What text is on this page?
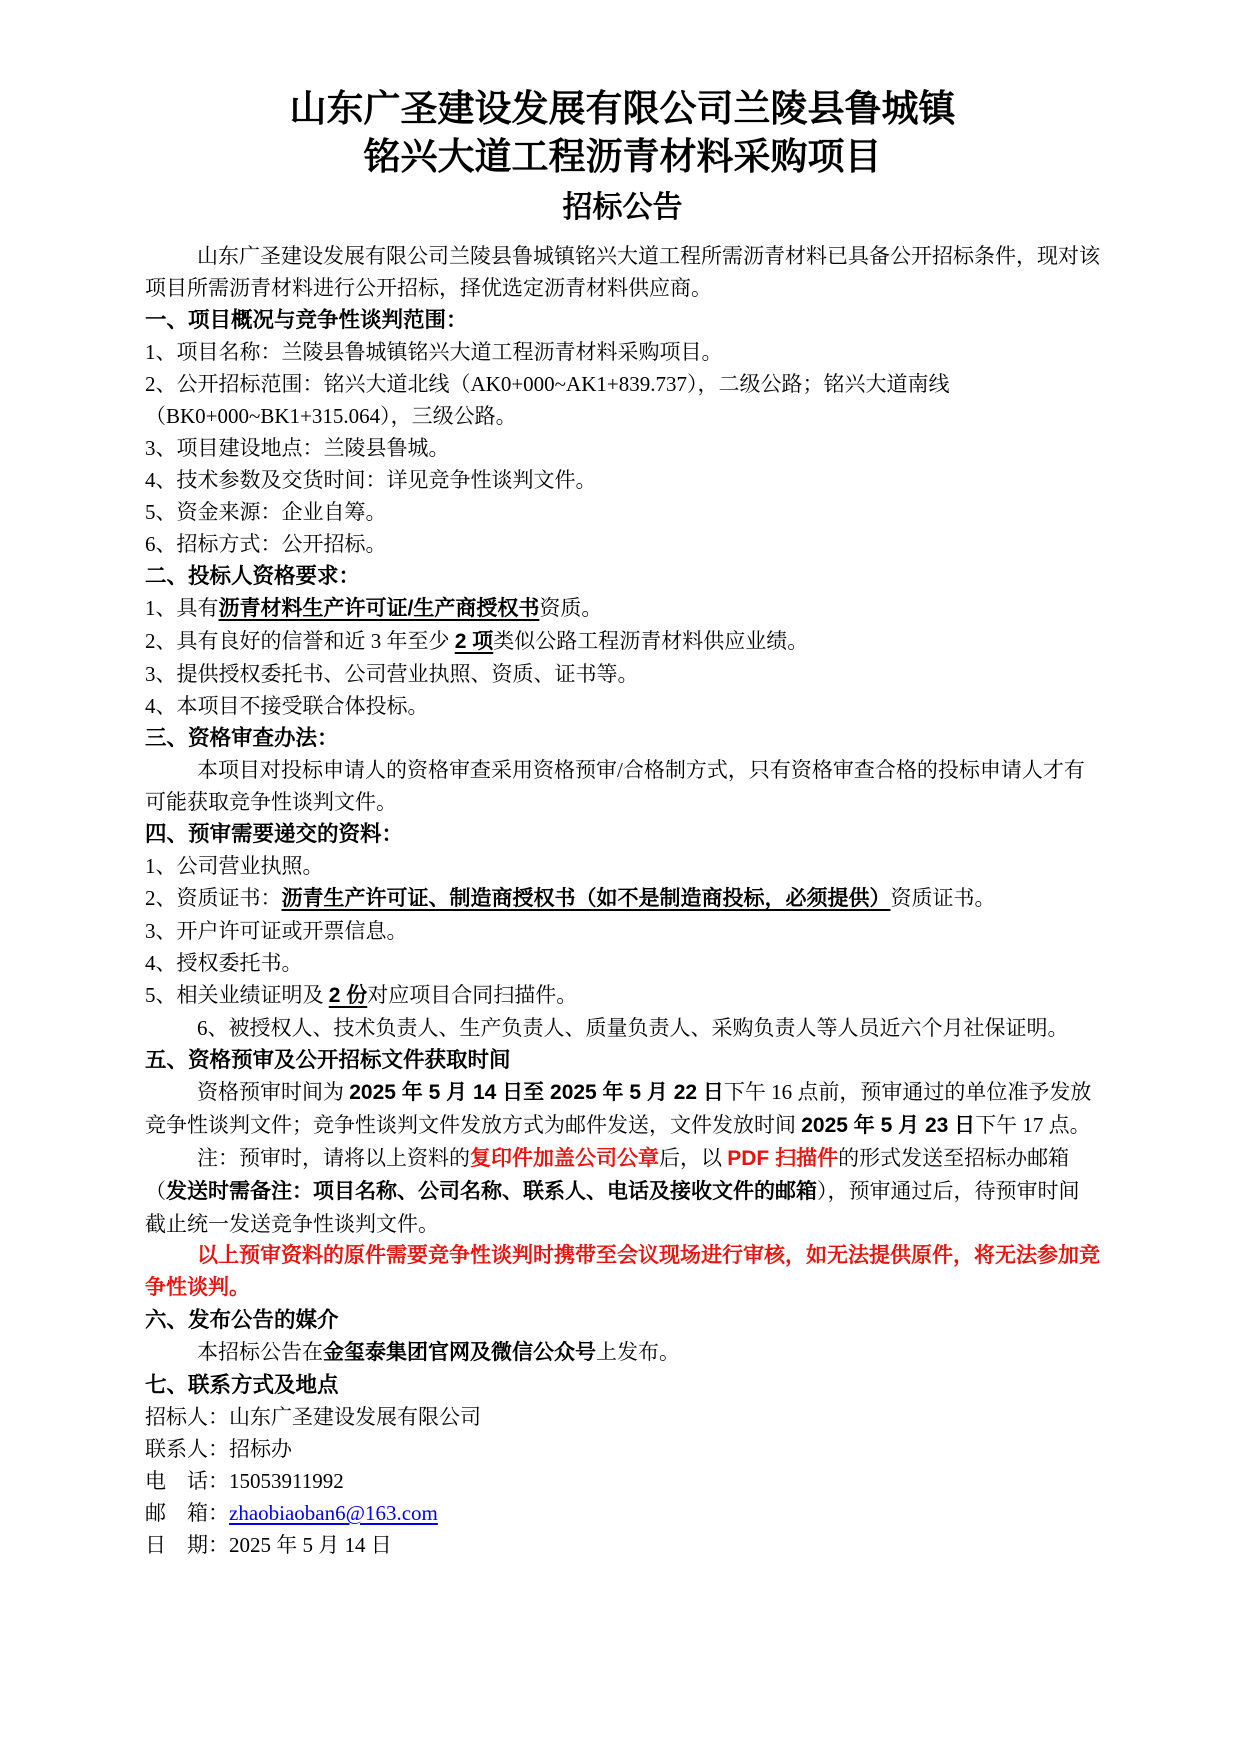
山东广圣建设发展有限公司兰陵县鲁城镇
铭兴大道工程沥青材料采购项目
招标公告

山东广圣建设发展有限公司兰陵县鲁城镇铭兴大道工程所需沥青材料已具备公开招标条件，现对该项目所需沥青材料进行公开招标，择优选定沥青材料供应商。

一、项目概况与竞争性谈判范围：
1、项目名称：兰陵县鲁城镇铭兴大道工程沥青材料采购项目。
2、公开招标范围：铭兴大道北线（AK0+000~AK1+839.737），二级公路；铭兴大道南线（BK0+000~BK1+315.064），三级公路。
3、项目建设地点：兰陵县鲁城。
4、技术参数及交货时间：详见竞争性谈判文件。
5、资金来源：企业自筹。
6、招标方式：公开招标。
二、投标人资格要求：
1、具有沥青材料生产许可证/生产商授权书资质。
2、具有良好的信誉和近 3 年至少 2 项类似公路工程沥青材料供应业绩。
3、提供授权委托书、公司营业执照、资质、证书等。
4、本项目不接受联合体投标。
三、资格审查办法：

本项目对投标申请人的资格审查采用资格预审/合格制方式，只有资格审查合格的投标申请人才有可能获取竞争性谈判文件。

四、预审需要递交的资料：
1、公司营业执照。
2、资质证书：沥青生产许可证、制造商授权书（如不是制造商投标，必须提供）资质证书。
3、开户许可证或开票信息。
4、授权委托书。
5、相关业绩证明及 2 份对应项目合同扫描件。

6、被授权人、技术负责人、生产负责人、质量负责人、采购负责人等人员近六个月社保证明。

五、资格预审及公开招标文件获取时间

资格预审时间为 2025 年 5 月 14 日至 2025 年 5 月 22 日下午 16 点前，预审通过的单位准予发放竞争性谈判文件；竞争性谈判文件发放方式为邮件发送，文件发放时间 2025 年 5 月 23 日下午 17 点。

注：预审时，请将以上资料的复印件加盖公司公章后，以 PDF 扫描件的形式发送至招标办邮箱（发送时需备注：项目名称、公司名称、联系人、电话及接收文件的邮箱），预审通过后，待预审时间截止统一发送竞争性谈判文件。

以上预审资料的原件需要竞争性谈判时携带至会议现场进行审核，如无法提供原件，将无法参加竞争性谈判。

六、发布公告的媒介

本招标公告在金玺泰集团官网及微信公众号上发布。

七、联系方式及地点

招标人：山东广圣建设发展有限公司

联系人：招标办

电　话：15053911992

邮　箱：zhaobiaoban6@163.com

日　期：2025 年 5 月 14 日
